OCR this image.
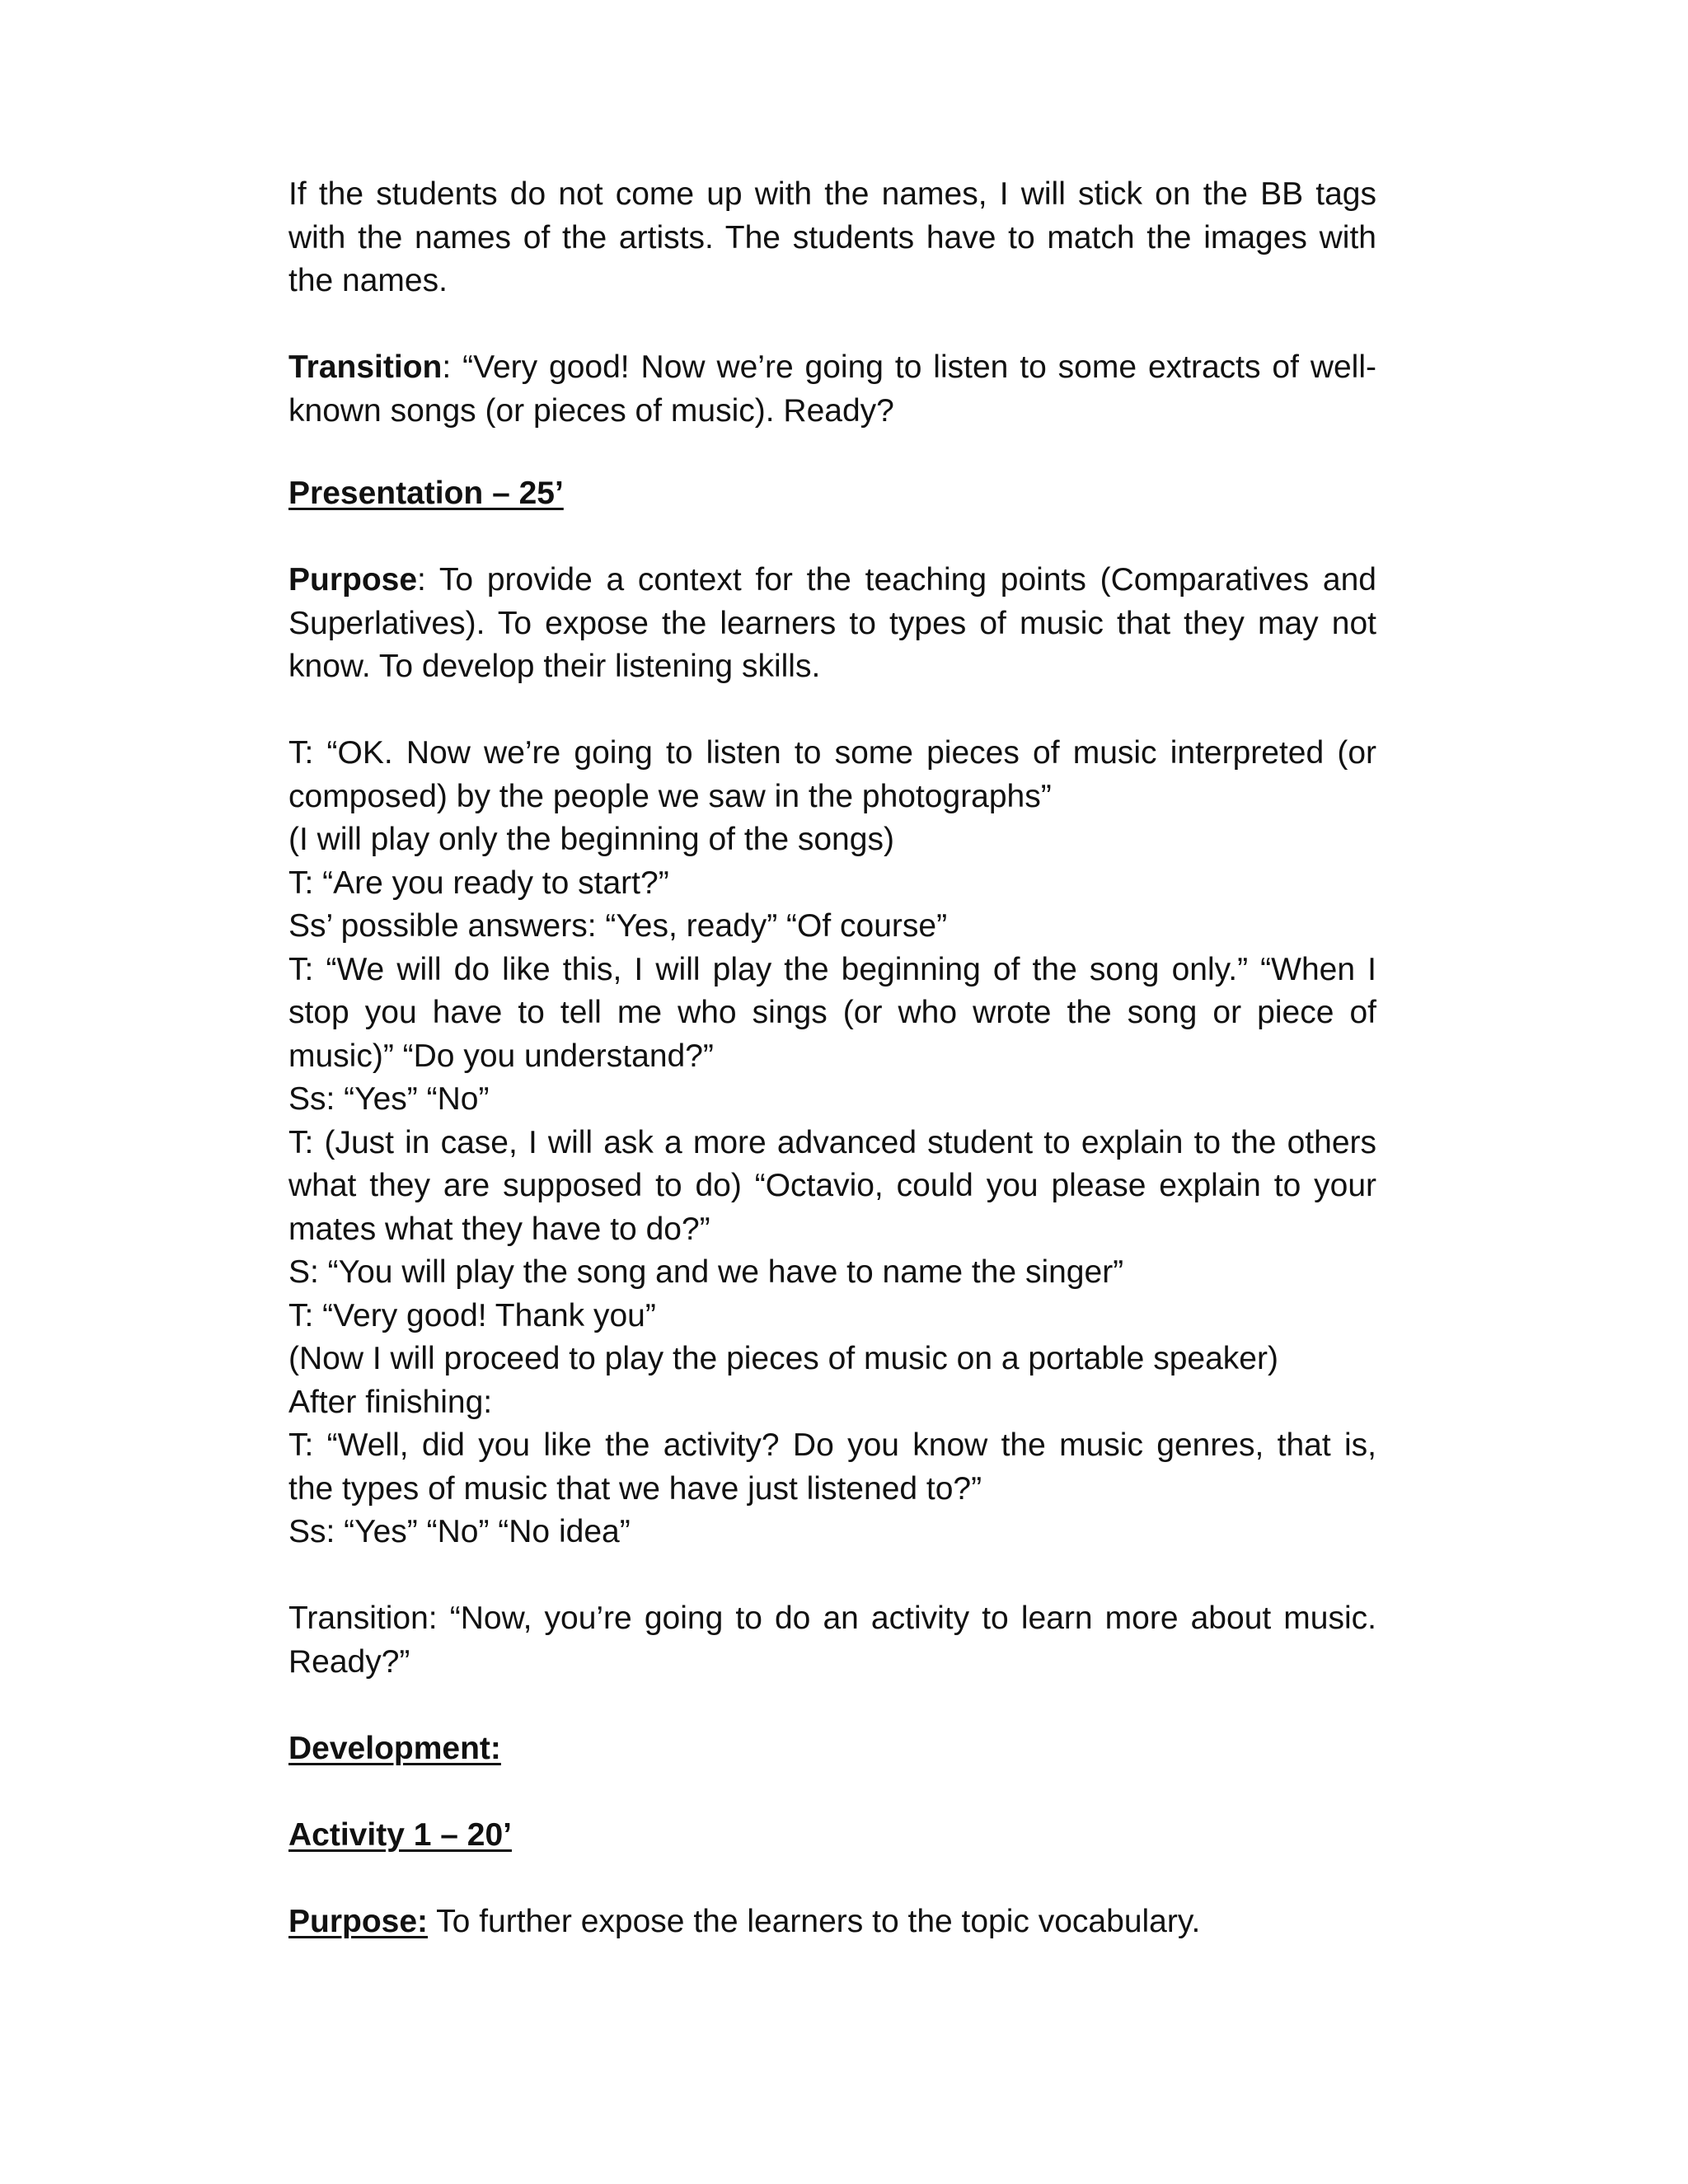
If the students do not come up with the names, I will stick on the BB tags
with the names of the artists. The students have to match the images with
the names.
Transition: “Very good! Now we’re going to listen to some extracts of well-
known songs (or pieces of music). Ready?
Presentation – 25’
Purpose: To provide a context for the teaching points (Comparatives and
Superlatives). To expose the learners to types of music that they may not
know. To develop their listening skills.
T: “OK. Now we’re going to listen to some pieces of music interpreted (or
composed) by the people we saw in the photographs”
(I will play only the beginning of the songs)
T: “Are you ready to start?”
Ss’ possible answers: “Yes, ready” “Of course”
T: “We will do like this, I will play the beginning of the song only.” “When I
stop you have to tell me who sings (or who wrote the song or piece of
music)” “Do you understand?”
Ss: “Yes” “No”
T: (Just in case, I will ask a more advanced student to explain to the others
what they are supposed to do) “Octavio, could you please explain to your
mates what they have to do?”
S: “You will play the song and we have to name the singer”
T: “Very good! Thank you”
(Now I will proceed to play the pieces of music on a portable speaker)
After finishing:
T: “Well, did you like the activity? Do you know the music genres, that is,
the types of music that we have just listened to?”
Ss: “Yes” “No” “No idea”
Transition: “Now, you’re going to do an activity to learn more about music.
Ready?”
Development:
Activity 1 – 20’
Purpose: To further expose the learners to the topic vocabulary.
